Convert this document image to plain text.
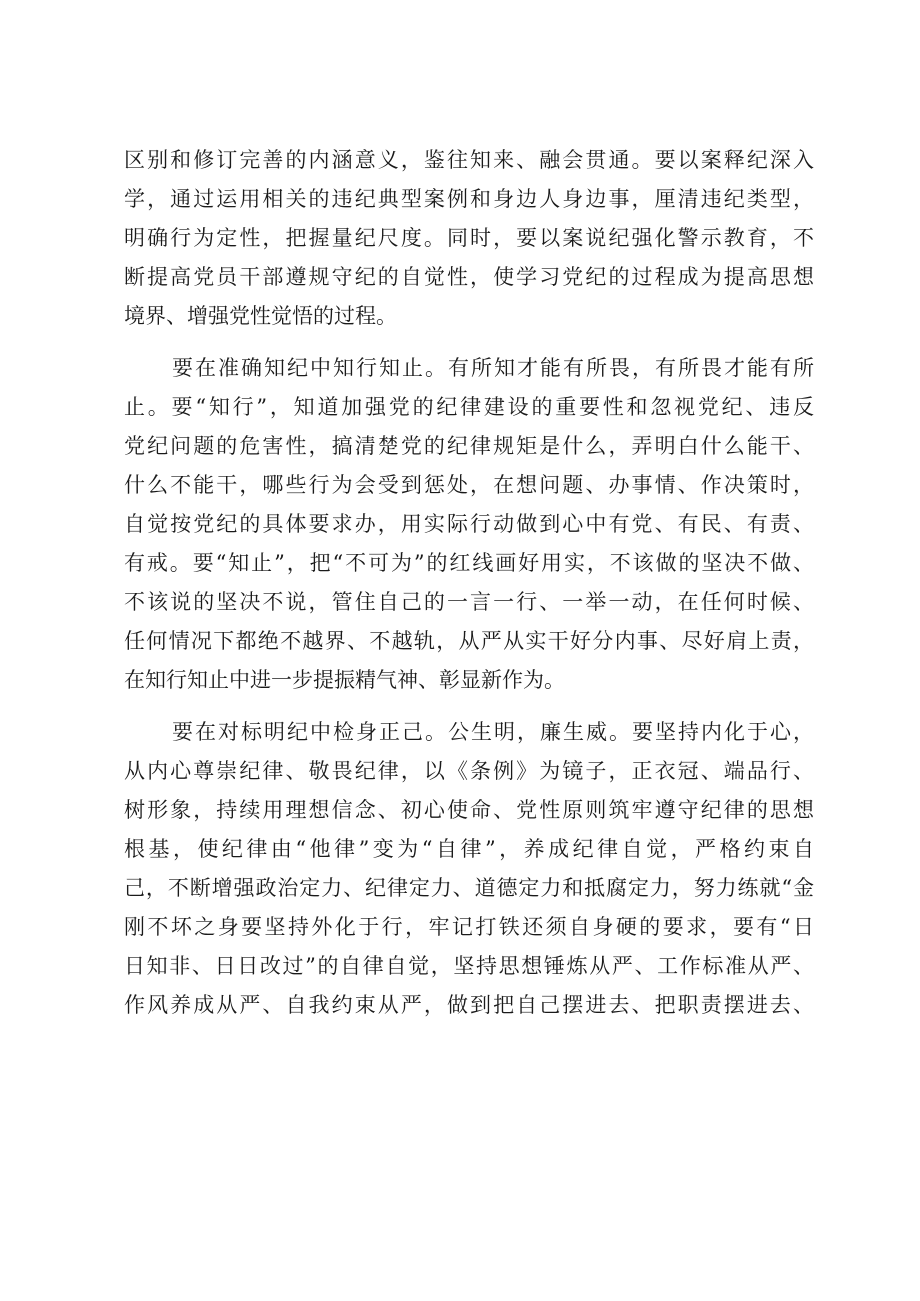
区别和修订完善的内涵意义，鉴往知来、融会贯通。要以案释纪深入
学，通过运用相关的违纪典型案例和身边人身边事，厘清违纪类型，
明确行为定性，把握量纪尺度。同时，要以案说纪强化警示教育，不
断提高党员干部遵规守纪的自觉性，使学习党纪的过程成为提高思想
境界、增强党性觉悟的过程。
要在准确知纪中知行知止。有所知才能有所畏，有所畏才能有所
止。要“知行”，知道加强党的纪律建设的重要性和忽视党纪、违反
党纪问题的危害性，搞清楚党的纪律规矩是什么，弄明白什么能干、
什么不能干，哪些行为会受到惩处，在想问题、办事情、作决策时，
自觉按党纪的具体要求办，用实际行动做到心中有党、有民、有责、
有戒。要“知止”，把“不可为”的红线画好用实，不该做的坚决不做、
不该说的坚决不说，管住自己的一言一行、一举一动，在任何时候、
任何情况下都绝不越界、不越轨，从严从实干好分内事、尽好肩上责，
在知行知止中进一步提振精气神、彰显新作为。
要在对标明纪中检身正己。公生明，廉生威。要坚持内化于心，
从内心尊崇纪律、敬畏纪律，以《条例》为镜子，正衣冠、端品行、
树形象，持续用理想信念、初心使命、党性原则筑牢遵守纪律的思想
根基，使纪律由“他律”变为“自律”，养成纪律自觉，严格约束自
己，不断增强政治定力、纪律定力、道德定力和抵腐定力，努力练就“金
刚不坏之身要坚持外化于行，牢记打铁还须自身硬的要求，要有“日
日知非、日日改过”的自律自觉，坚持思想锤炼从严、工作标准从严、
作风养成从严、自我约束从严，做到把自己摆进去、把职责摆进去、
